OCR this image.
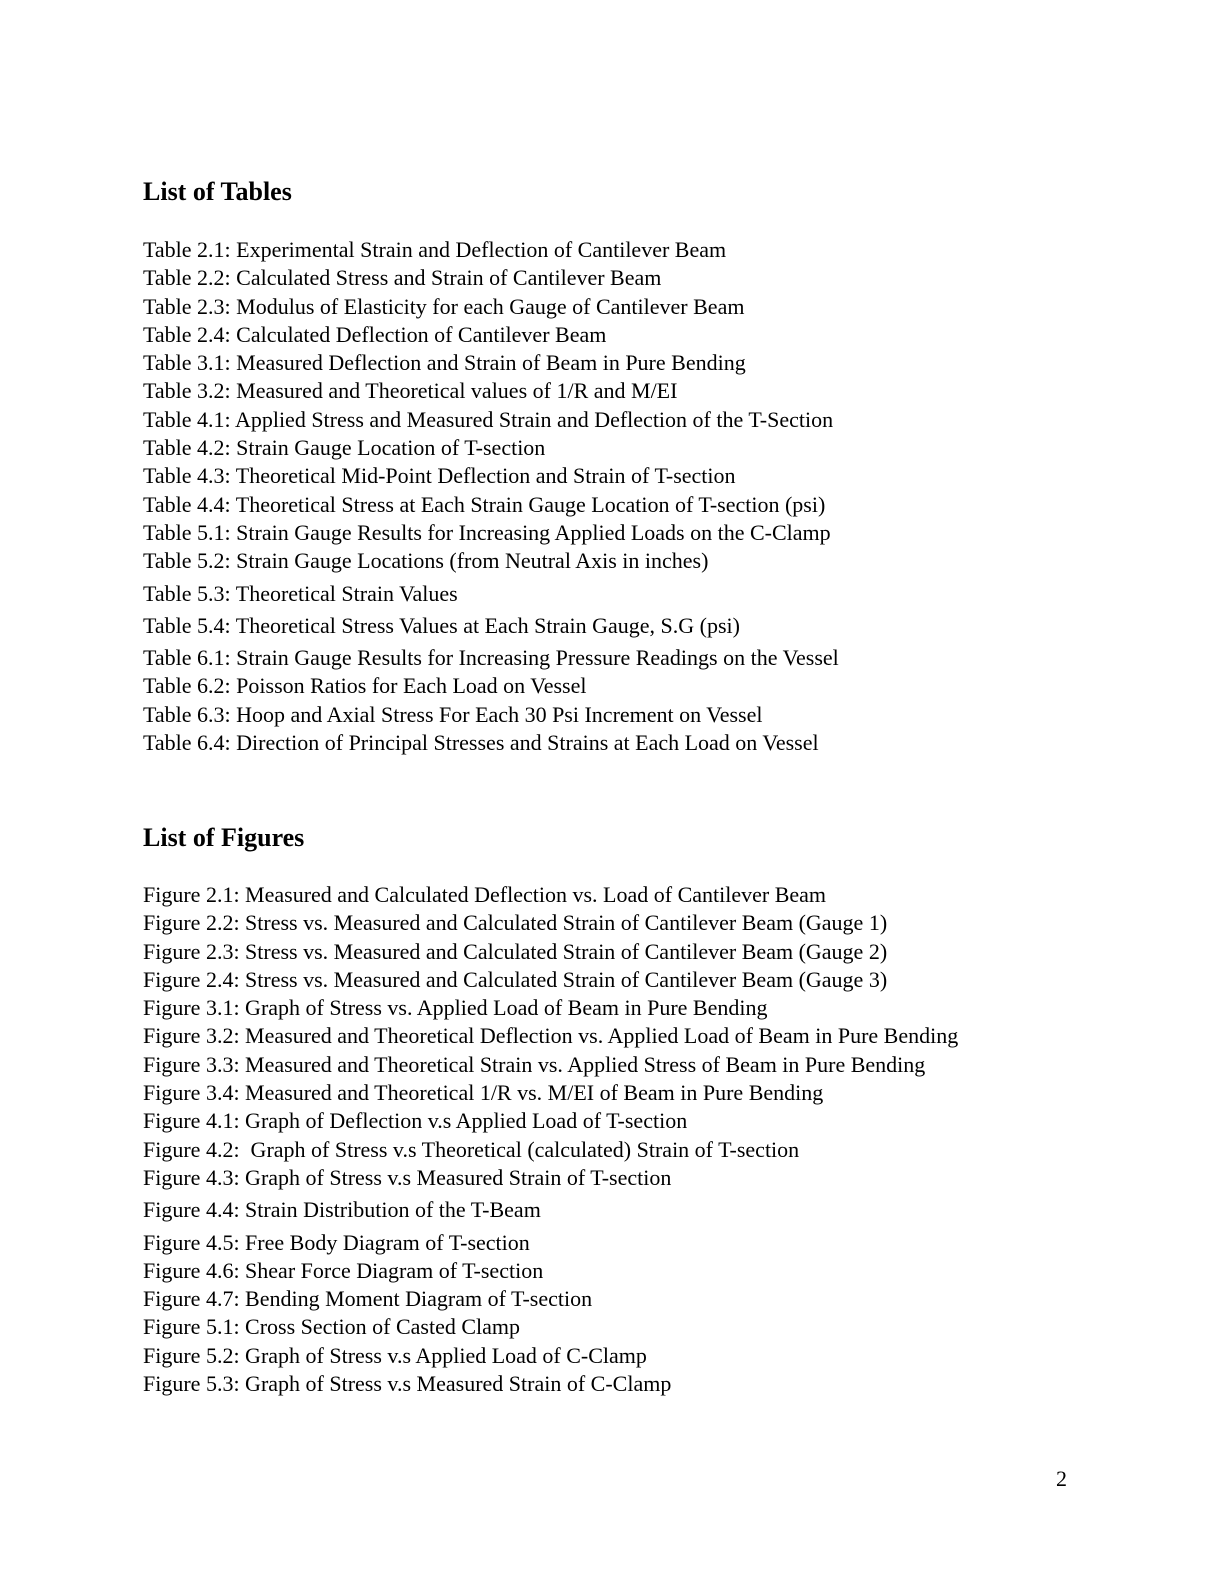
List of Tables
Table 2.1: Experimental Strain and Deflection of Cantilever Beam
Table 2.2: Calculated Stress and Strain of Cantilever Beam
Table 2.3: Modulus of Elasticity for each Gauge of Cantilever Beam
Table 2.4: Calculated Deflection of Cantilever Beam
Table 3.1: Measured Deflection and Strain of Beam in Pure Bending
Table 3.2: Measured and Theoretical values of 1/R and M/EI
Table 4.1: Applied Stress and Measured Strain and Deflection of the T-Section
Table 4.2: Strain Gauge Location of T-section
Table 4.3: Theoretical Mid-Point Deflection and Strain of T-section
Table 4.4: Theoretical Stress at Each Strain Gauge Location of T-section (psi)
Table 5.1: Strain Gauge Results for Increasing Applied Loads on the C-Clamp
Table 5.2: Strain Gauge Locations (from Neutral Axis in inches)
Table 5.3: Theoretical Strain Values
Table 5.4: Theoretical Stress Values at Each Strain Gauge, S.G (psi)
Table 6.1: Strain Gauge Results for Increasing Pressure Readings on the Vessel
Table 6.2: Poisson Ratios for Each Load on Vessel
Table 6.3: Hoop and Axial Stress For Each 30 Psi Increment on Vessel
Table 6.4: Direction of Principal Stresses and Strains at Each Load on Vessel
List of Figures
Figure 2.1: Measured and Calculated Deflection vs. Load of Cantilever Beam
Figure 2.2: Stress vs. Measured and Calculated Strain of Cantilever Beam (Gauge 1)
Figure 2.3: Stress vs. Measured and Calculated Strain of Cantilever Beam (Gauge 2)
Figure 2.4: Stress vs. Measured and Calculated Strain of Cantilever Beam (Gauge 3)
Figure 3.1: Graph of Stress vs. Applied Load of Beam in Pure Bending
Figure 3.2: Measured and Theoretical Deflection vs. Applied Load of Beam in Pure Bending
Figure 3.3: Measured and Theoretical Strain vs. Applied Stress of Beam in Pure Bending
Figure 3.4: Measured and Theoretical 1/R vs. M/EI of Beam in Pure Bending
Figure 4.1: Graph of Deflection v.s Applied Load of T-section
Figure 4.2:  Graph of Stress v.s Theoretical (calculated) Strain of T-section
Figure 4.3: Graph of Stress v.s Measured Strain of T-section
Figure 4.4: Strain Distribution of the T-Beam
Figure 4.5: Free Body Diagram of T-section
Figure 4.6: Shear Force Diagram of T-section
Figure 4.7: Bending Moment Diagram of T-section
Figure 5.1: Cross Section of Casted Clamp
Figure 5.2: Graph of Stress v.s Applied Load of C-Clamp
Figure 5.3: Graph of Stress v.s Measured Strain of C-Clamp
2
